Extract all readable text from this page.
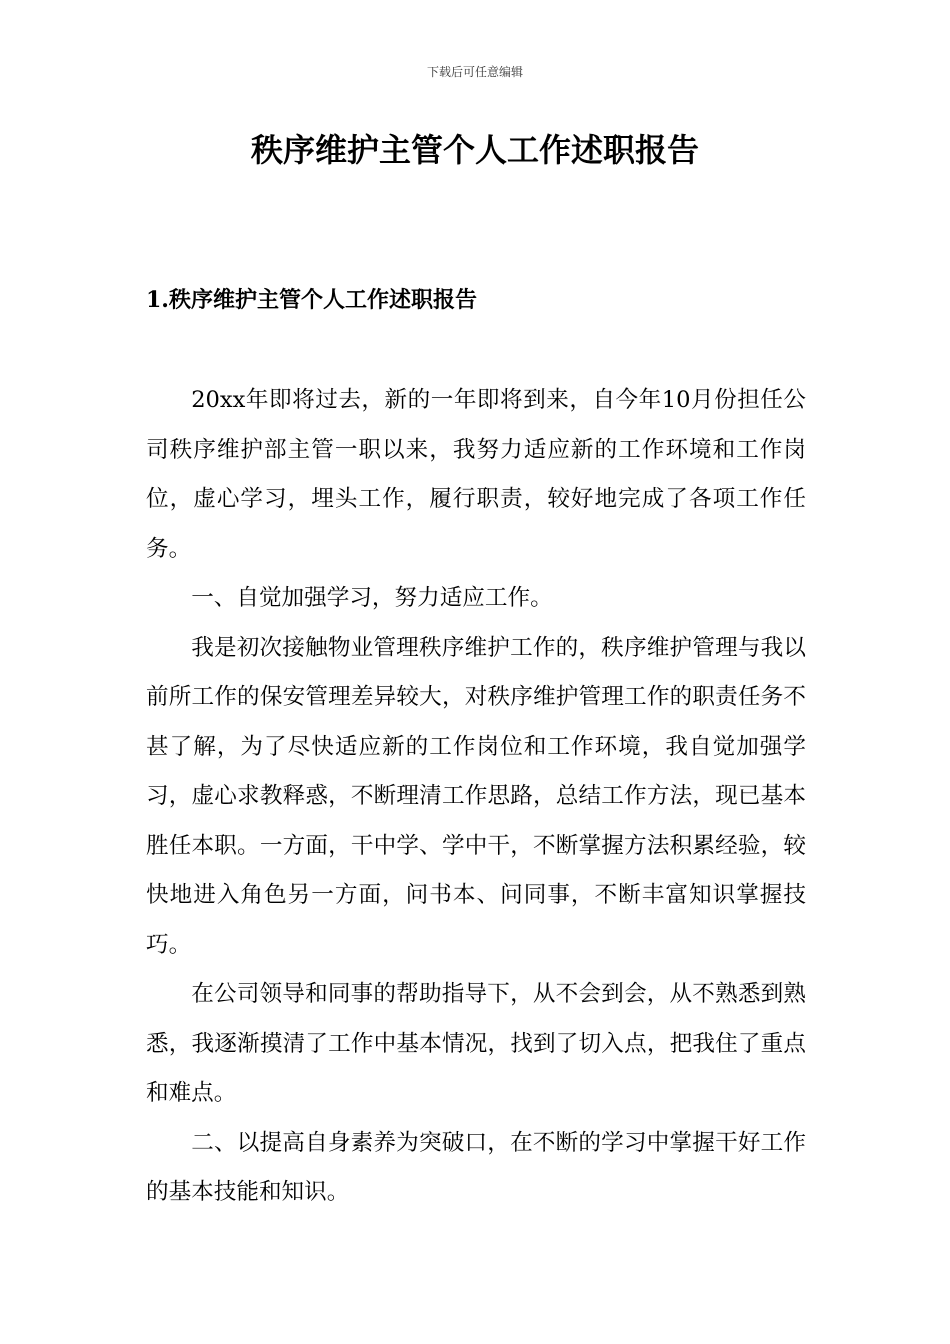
下载后可任意编辑
秩序维护主管个人工作述职报告
1.秩序维护主管个人工作述职报告

20xx年即将过去，新的一年即将到来，自今年10月份担任公司秩序维护部主管一职以来，我努力适应新的工作环境和工作岗位，虚心学习，埋头工作，履行职责，较好地完成了各项工作任务。

一、自觉加强学习，努力适应工作。

我是初次接触物业管理秩序维护工作的，秩序维护管理与我以前所工作的保安管理差异较大，对秩序维护管理工作的职责任务不甚了解，为了尽快适应新的工作岗位和工作环境，我自觉加强学习，虚心求教释惑，不断理清工作思路，总结工作方法，现已基本胜任本职。一方面，干中学、学中干，不断掌握方法积累经验，较快地进入角色另一方面，问书本、问同事，不断丰富知识掌握技巧。

在公司领导和同事的帮助指导下，从不会到会，从不熟悉到熟悉，我逐渐摸清了工作中基本情况，找到了切入点，把我住了重点和难点。

二、以提高自身素养为突破口，在不断的学习中掌握干好工作的基本技能和知识。
